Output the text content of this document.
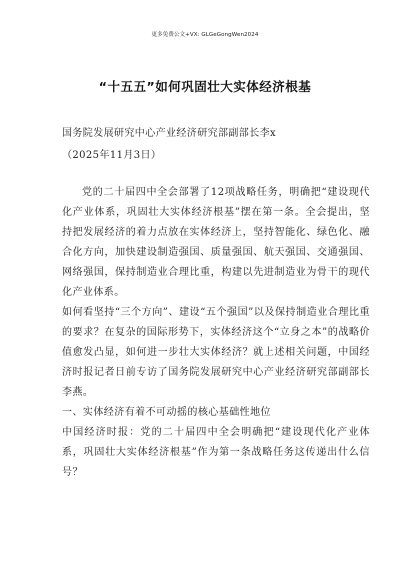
更多免费公文+VX: GLGeGongWen2024
“十五五”如何巩固壮大实体经济根基
国务院发展研究中心产业经济研究部副部长李x
（2025年11月3日）

党的二十届四中全会部署了12项战略任务，明确把“建设现代化产业体系，巩固壮大实体经济根基”摆在第一条。全会提出，坚持把发展经济的着力点放在实体经济上，坚持智能化、绿色化、融合化方向，加快建设制造强国、质量强国、航天强国、交通强国、网络强国，保持制造业合理比重，构建以先进制造业为骨干的现代化产业体系。

如何看坚持“三个方向”、建设“五个强国”以及保持制造业合理比重的要求？在复杂的国际形势下，实体经济这个“立身之本”的战略价值愈发凸显，如何进一步壮大实体经济？就上述相关问题，中国经济时报记者日前专访了国务院发展研究中心产业经济研究部副部长李燕。

一、实体经济有着不可动摇的核心基础性地位

中国经济时报：党的二十届四中全会明确把“建设现代化产业体系，巩固壮大实体经济根基”作为第一条战略任务这传递出什么信号？
